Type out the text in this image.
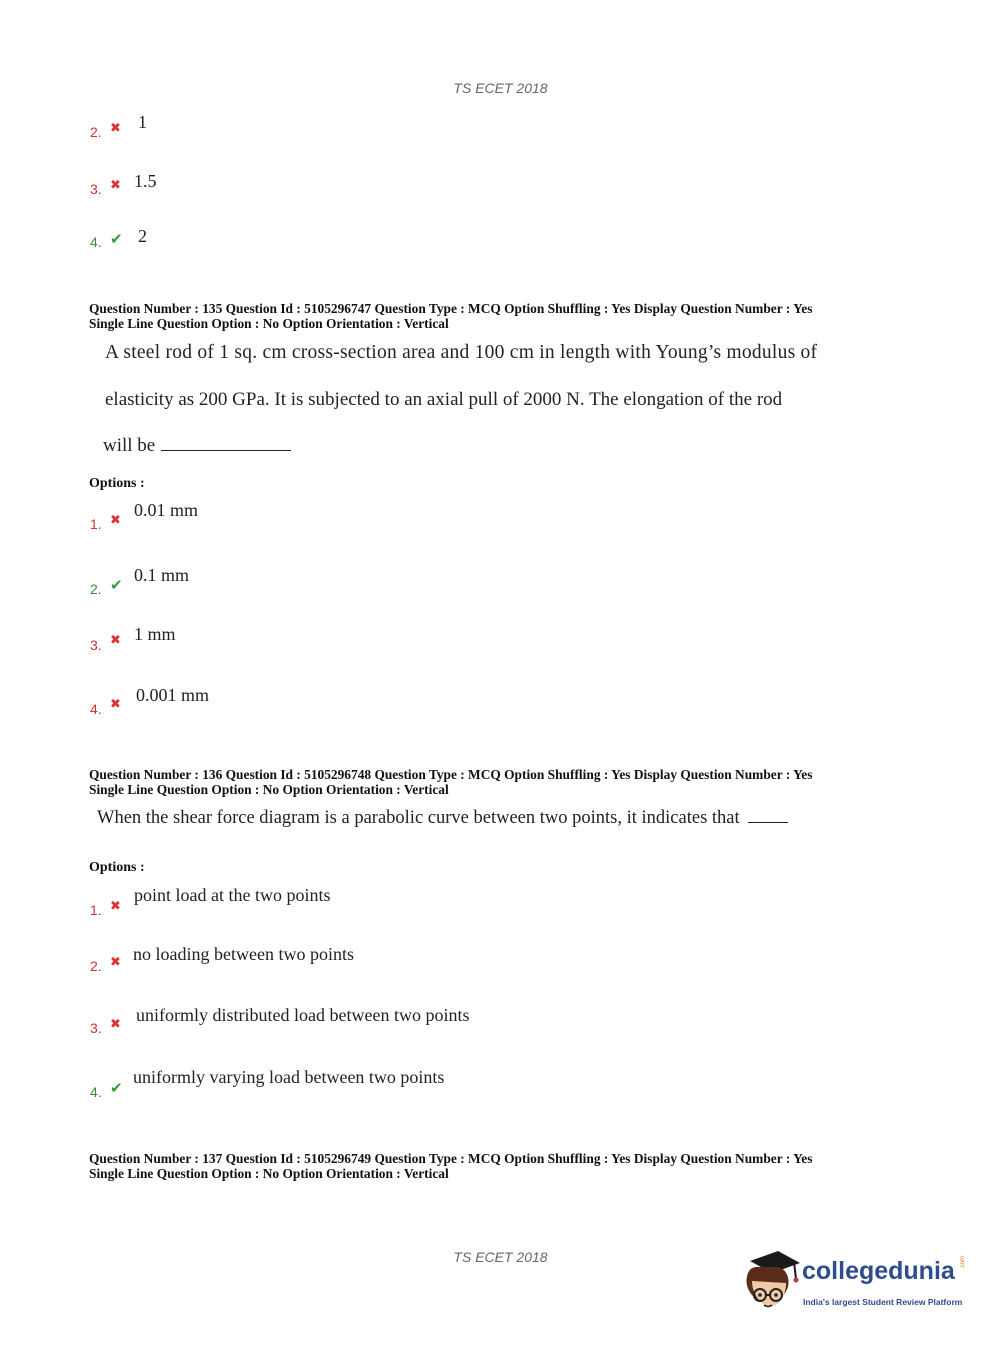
TS ECET 2018
2. ✖ 1
3. ✖ 1.5
4. ✔ 2
Question Number : 135 Question Id : 5105296747 Question Type : MCQ Option Shuffling : Yes Display Question Number : Yes
Single Line Question Option : No Option Orientation : Vertical
A steel rod of 1 sq. cm cross-section area and 100 cm in length with Young’s modulus of
elasticity as 200 GPa. It is subjected to an axial pull of 2000 N. The elongation of the rod
will be
Options :
1. ✖
0.01 mm
2. ✔ 0.1 mm
3. ✖ 1 mm
4. ✖ 0.001 mm
Question Number : 136 Question Id : 5105296748 Question Type : MCQ Option Shuffling : Yes Display Question Number : Yes
Single Line Question Option : No Option Orientation : Vertical
When the shear force diagram is a parabolic curve between two points, it indicates that
Options :
1. ✖
point load at the two points
2. ✖ no loading between two points
3. ✖ uniformly distributed load between two points
4. ✔
uniformly varying load between two points
Question Number : 137 Question Id : 5105296749 Question Type : MCQ Option Shuffling : Yes Display Question Number : Yes
Single Line Question Option : No Option Orientation : Vertical
TS ECET 2018	collegedunia .com
India's largest Student Review Platform
